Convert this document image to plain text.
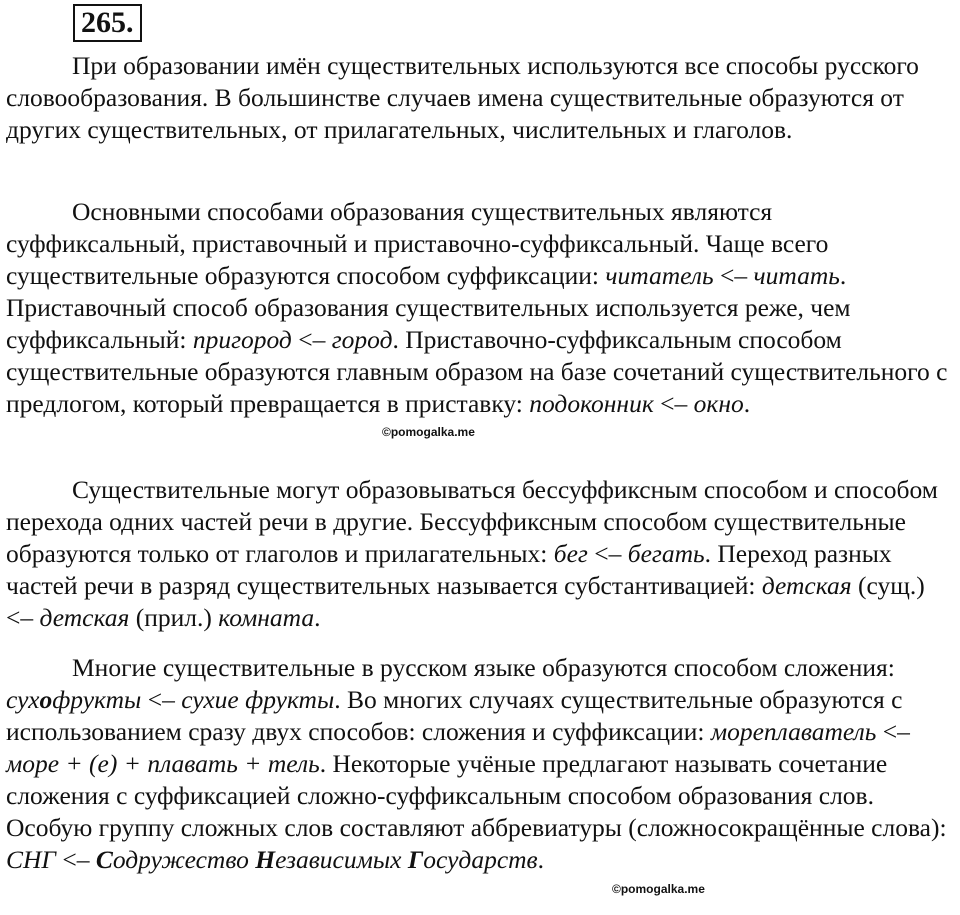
265.

При образовании имён существительных используются все способы русского словообразования. В большинстве случаев имена существительные образуются от других существительных, от прилагательных, числительных и глаголов.

Основными способами образования существительных являются суффиксальный, приставочный и приставочно-суффиксальный. Чаще всего существительные образуются способом суффиксации: читатель <– читать. Приставочный способ образования существительных используется реже, чем суффиксальный: пригород <– город. Приставочно-суффиксальным способом существительные образуются главным образом на базе сочетаний существительного с предлогом, который превращается в приставку: подоконник <– окно.

©pomogalka.me

Существительные могут образовываться бессуффиксным способом и способом перехода одних частей речи в другие. Бессуффиксным способом существительные образуются только от глаголов и прилагательных: бег <– бегать. Переход разных частей речи в разряд существительных называется субстантивацией: детская (сущ.) <– детская (прил.) комната.

Многие существительные в русском языке образуются способом сложения: сухофрукты <– сухие фрукты. Во многих случаях существительные образуются с использованием сразу двух способов: сложения и суффиксации: мореплаватель <– море + (е) + плавать + тель. Некоторые учёные предлагают называть сочетание сложения с суффиксацией сложно-суффиксальным способом образования слов. Особую группу сложных слов составляют аббревиатуры (сложносокращённые слова): СНГ <– Содружество Независимых Государств.

©pomogalka.me
